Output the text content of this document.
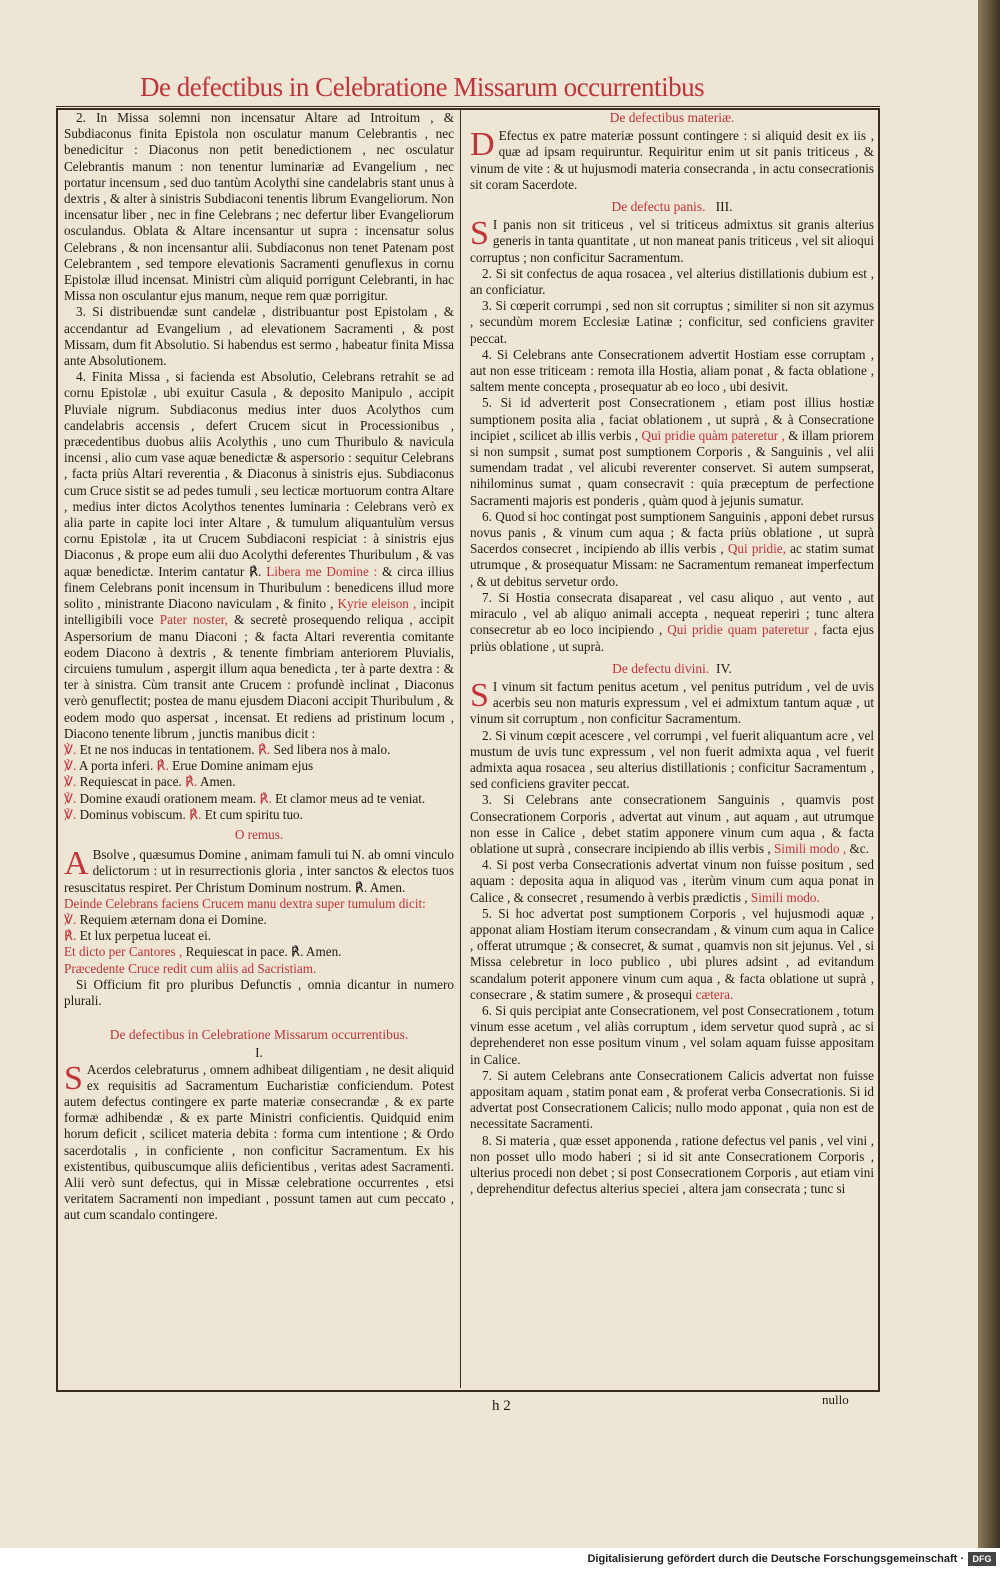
De defectibus in Celebratione Missarum occurrentibus

2. In Missa solemni non incensatur Altare ad Introitum , & Subdiaconus finita Epistola non osculatur manum Celebrantis , nec benedicitur : Diaconus non petit benedictionem , nec osculatur Celebrantis manum : non tenentur luminariæ ad Evangelium , nec portatur incensum , sed duo tantùm Acolythi sine candelabris stant unus à dextris , & alter à sinistris Subdiaconi tenentis librum Evangeliorum. Non incensatur liber , nec in fine Celebrans ; nec defertur liber Evangeliorum osculandus. Oblata & Altare incensantur ut supra : incensatur solus Celebrans , & non incensantur alii. Subdiaconus non tenet Patenam post Celebrantem , sed tempore elevationis Sacramenti genuflexus in cornu Epistolæ illud incensat. Ministri cùm aliquid porrigunt Celebranti, in hac Missa non osculantur ejus manum, neque rem quæ porrigitur.

3. Si distribuendæ sunt candelæ , distribuantur post Epistolam , & accendantur ad Evangelium , ad elevationem Sacramenti , & post Missam, dum fit Absolutio. Si habendus est sermo , habeatur finita Missa ante Absolutionem.

4. Finita Missa , si facienda est Absolutio, Celebrans retrahit se ad cornu Epistolæ , ubi exuitur Casula , & deposito Manipulo , accipit Pluviale nigrum. Subdiaconus medius inter duos Acolythos cum candelabris accensis , defert Crucem sicut in Processionibus , præcedentibus duobus aliis Acolythis , uno cum Thuribulo & navicula incensi , alio cum vase aquæ benedictæ & aspersorio : sequitur Celebrans , facta priùs Altari reverentia , & Diaconus à sinistris ejus. Subdiaconus cum Cruce sistit se ad pedes tumuli , seu lecticæ mortuorum contra Altare , medius inter dictos Acolythos tenentes luminaria : Celebrans verò ex alia parte in capite loci inter Altare , & tumulum aliquantulùm versus cornu Epistolæ , ita ut Crucem Subdiaconi respiciat : à sinistris ejus Diaconus , & prope eum alii duo Acolythi deferentes Thuribulum , & vas aquæ benedictæ. Interim cantatur ℟. Libera me Domine : & circa illius finem Celebrans ponit incensum in Thuribulum : benedicens illud more solito , ministrante Diacono naviculam , & finito , Kyrie eleison , incipit intelligibili voce Pater noster, & secretè prosequendo reliqua , accipit Aspersorium de manu Diaconi ; & facta Altari reverentia comitante eodem Diacono à dextris , & tenente fimbriam anteriorem Pluvialis, circuiens tumulum , aspergit illum aqua benedicta , ter à parte dextra : & ter à sinistra. Cùm transit ante Crucem : profundè inclinat , Diaconus verò genuflectit; postea de manu ejusdem Diaconi accipit Thuribulum , & eodem modo quo aspersat , incensat. Et rediens ad pristinum locum , Diacono tenente librum , junctis manibus dicit :

℣. Et ne nos inducas in tentationem. ℟. Sed libera nos à malo.

℣. A porta inferi. ℟. Erue Domine animam ejus

℣. Requiescat in pace. ℟. Amen.

℣. Domine exaudi orationem meam. ℟. Et clamor meus ad te veniat.

℣. Dominus vobiscum. ℟. Et cum spiritu tuo.

O remus.

A Bsolve , quæsumus Domine , animam famuli tui N. ab omni vinculo delictorum : ut in resurrectionis gloria , inter sanctos & electos tuos resuscitatus respiret. Per Christum Dominum nostrum. ℟. Amen.

Deinde Celebrans faciens Crucem manu dextra super tumulum dicit:

℣. Requiem æternam dona ei Domine.

℟. Et lux perpetua luceat ei.

Et dicto per Cantores , Requiescat in pace. ℟. Amen.

Præcedente Cruce redit cum aliis ad Sacristiam.

Si Officium fit pro pluribus Defunctis , omnia dicantur in numero plurali.

De defectibus in Celebratione Missarum occurrentibus.

I.

S Acerdos celebraturus , omnem adhibeat diligentiam , ne desit aliquid ex requisitis ad Sacramentum Eucharistiæ conficiendum. Potest autem defectus contingere ex parte materiæ consecrandæ , & ex parte formæ adhibendæ , & ex parte Ministri conficientis. Quidquid enim horum deficit , scilicet materia debita : forma cum intentione ; & Ordo sacerdotalis , in conficiente , non conficitur Sacramentum. Ex his existentibus, quibuscumque aliis deficientibus , veritas adest Sacramenti. Alii verò sunt defectus, qui in Missæ celebratione occurrentes , etsi veritatem Sacramenti non impediant , possunt tamen aut cum peccato , aut cum scandalo contingere.

De defectibus materiæ.

D Efectus ex patre materiæ possunt contingere : si aliquid desit ex iis , quæ ad ipsam requiruntur. Requiritur enim ut sit panis triticeus , & vinum de vite : & ut hujusmodi materia consecranda , in actu consecrationis sit coram Sacerdote.

De defectu panis. III.

S I panis non sit triticeus , vel si triticeus admixtus sit granis alterius generis in tanta quantitate , ut non maneat panis triticeus , vel sit alioqui corruptus ; non conficitur Sacramentum.

2. Si sit confectus de aqua rosacea , vel alterius distillationis dubium est , an conficiatur.

3. Si cœperit corrumpi , sed non sit corruptus ; similiter si non sit azymus , secundùm morem Ecclesiæ Latinæ ; conficitur, sed conficiens graviter peccat.

4. Si Celebrans ante Consecrationem advertit Hostiam esse corruptam , aut non esse triticeam : remota illa Hostia, aliam ponat , & facta oblatione , saltem mente concepta , prosequatur ab eo loco , ubi desivit.

5. Si id adverterit post Consecrationem , etiam post illius hostiæ sumptionem posita alia , faciat oblationem , ut suprà , & à Consecratione incipiet , scilicet ab illis verbis , Qui pridie quàm pateretur , & illam priorem si non sumpsit , sumat post sumptionem Corporis , & Sanguinis , vel alii sumendam tradat , vel alicubi reverenter conservet. Si autem sumpserat, nihilominus sumat , quam consecravit : quia præceptum de perfectione Sacramenti majoris est ponderis , quàm quod à jejunis sumatur.

6. Quod si hoc contingat post sumptionem Sanguinis , apponi debet rursus novus panis , & vinum cum aqua ; & facta priùs oblatione , ut suprà Sacerdos consecret , incipiendo ab illis verbis , Qui pridie, ac statim sumat utrumque , & prosequatur Missam: ne Sacramentum remaneat imperfectum , & ut debitus servetur ordo.

7. Si Hostia consecrata disapareat , vel casu aliquo , aut vento , aut miraculo , vel ab aliquo animali accepta , nequeat reperiri ; tunc altera consecretur ab eo loco incipiendo , Qui pridie quam pateretur , facta ejus priùs oblatione , ut suprà.

De defectu divini. IV.

S I vinum sit factum penitus acetum , vel penitus putridum , vel de uvis acerbis seu non maturis expressum , vel ei admixtum tantum aquæ , ut vinum sit corruptum , non conficitur Sacramentum.

2. Si vinum cœpit acescere , vel corrumpi , vel fuerit aliquantum acre , vel mustum de uvis tunc expressum , vel non fuerit admixta aqua , vel fuerit admixta aqua rosacea , seu alterius distillationis ; conficitur Sacramentum , sed conficiens graviter peccat.

3. Si Celebrans ante consecrationem Sanguinis , quamvis post Consecrationem Corporis , advertat aut vinum , aut aquam , aut utrumque non esse in Calice , debet statim apponere vinum cum aqua , & facta oblatione ut suprà , consecrare incipiendo ab illis verbis , Simili modo , &c.

4. Si post verba Consecrationis advertat vinum non fuisse positum , sed aquam : deposita aqua in aliquod vas , iterùm vinum cum aqua ponat in Calice , & consecret , resumendo à verbis prædictis , Simili modo.

5. Si hoc advertat post sumptionem Corporis , vel hujusmodi aquæ , apponat aliam Hostiam iterum consecrandam , & vinum cum aqua in Calice , offerat utrumque ; & consecret, & sumat , quamvis non sit jejunus. Vel , si Missa celebretur in loco publico , ubi plures adsint , ad evitandum scandalum poterit apponere vinum cum aqua , & facta oblatione ut suprà , consecrare , & statim sumere , & prosequi cætera.

6. Si quis percipiat ante Consecrationem, vel post Consecrationem , totum vinum esse acetum , vel aliàs corruptum , idem servetur quod suprà , ac si deprehenderet non esse positum vinum , vel solam aquam fuisse appositam in Calice.

7. Si autem Celebrans ante Consecrationem Calicis advertat non fuisse appositam aquam , statim ponat eam , & proferat verba Consecrationis. Si id advertat post Consecrationem Calicis; nullo modo apponat , quia non est de necessitate Sacramenti.

8. Si materia , quæ esset apponenda , ratione defectus vel panis , vel vini , non posset ullo modo haberi ; si id sit ante Consecrationem Corporis , ulterius procedi non debet ; si post Consecrationem Corporis , aut etiam vini , deprehenditur defectus alterius speciei , altera jam consecrata ; tunc si

h 2	nullo
Digitalisierung gefördert durch die Deutsche Forschungsgemeinschaft · DFG
